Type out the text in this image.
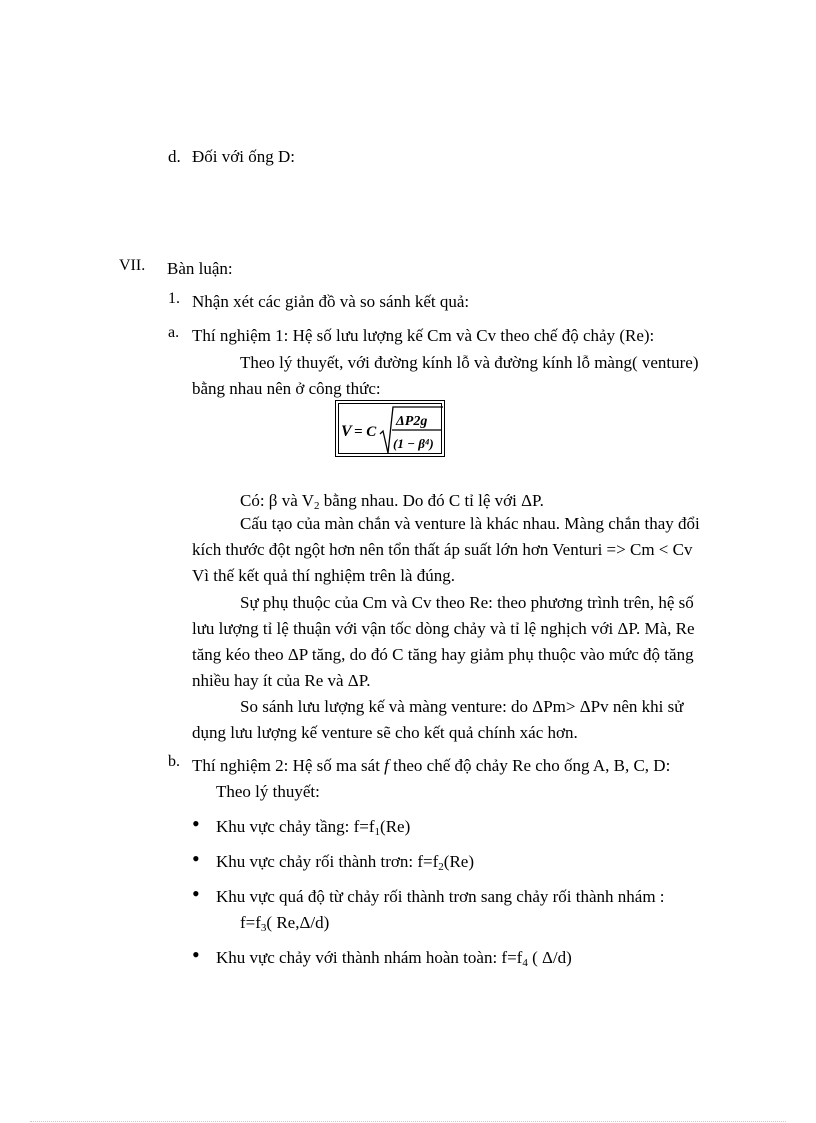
d. Đối với ống D:
VII. Bàn luận:
1. Nhận xét các giản đồ và so sánh kết quả:
a. Thí nghiệm 1: Hệ số lưu lượng kế Cm và Cv theo chế độ chảy (Re):
Theo lý thuyết, với đường kính lỗ và đường kính lỗ màng( venture)
bằng nhau nên ở công thức:
V = C
ΔP2g
(1 − β⁴)
Có: β và $V_2$ bằng nhau. Do đó C tỉ lệ với ΔP.
Cấu tạo của màn chắn và venture là khác nhau. Màng chắn thay đổi
kích thước đột ngột hơn nên tổn thất áp suất lớn hơn Venturi => Cm < Cv
Vì thế kết quả thí nghiệm trên là đúng.
Sự phụ thuộc của Cm và Cv theo Re: theo phương trình trên, hệ số
lưu lượng tỉ lệ thuận với vận tốc dòng chảy và tỉ lệ nghịch với ΔP. Mà, Re
tăng kéo theo ΔP tăng, do đó C tăng hay giảm phụ thuộc vào mức độ tăng
nhiều hay ít của Re và ΔP.
So sánh lưu lượng kế và màng venture: do ΔPm> ΔPv nên khi sử
dụng lưu lượng kế venture sẽ cho kết quả chính xác hơn.
b. Thí nghiệm 2: Hệ số ma sát f theo chế độ chảy Re cho ống A, B, C, D:
Theo lý thuyết:
• Khu vực chảy tầng: $f=f_1(Re)$
• Khu vực chảy rối thành trơn: $f=f_2(Re)$
• Khu vực quá độ từ chảy rối thành trơn sang chảy rối thành nhám :
$f=f_3$( Re,Δ/d)
• Khu vực chảy với thành nhám hoàn toàn: $f=f_4$ ( Δ/d)
